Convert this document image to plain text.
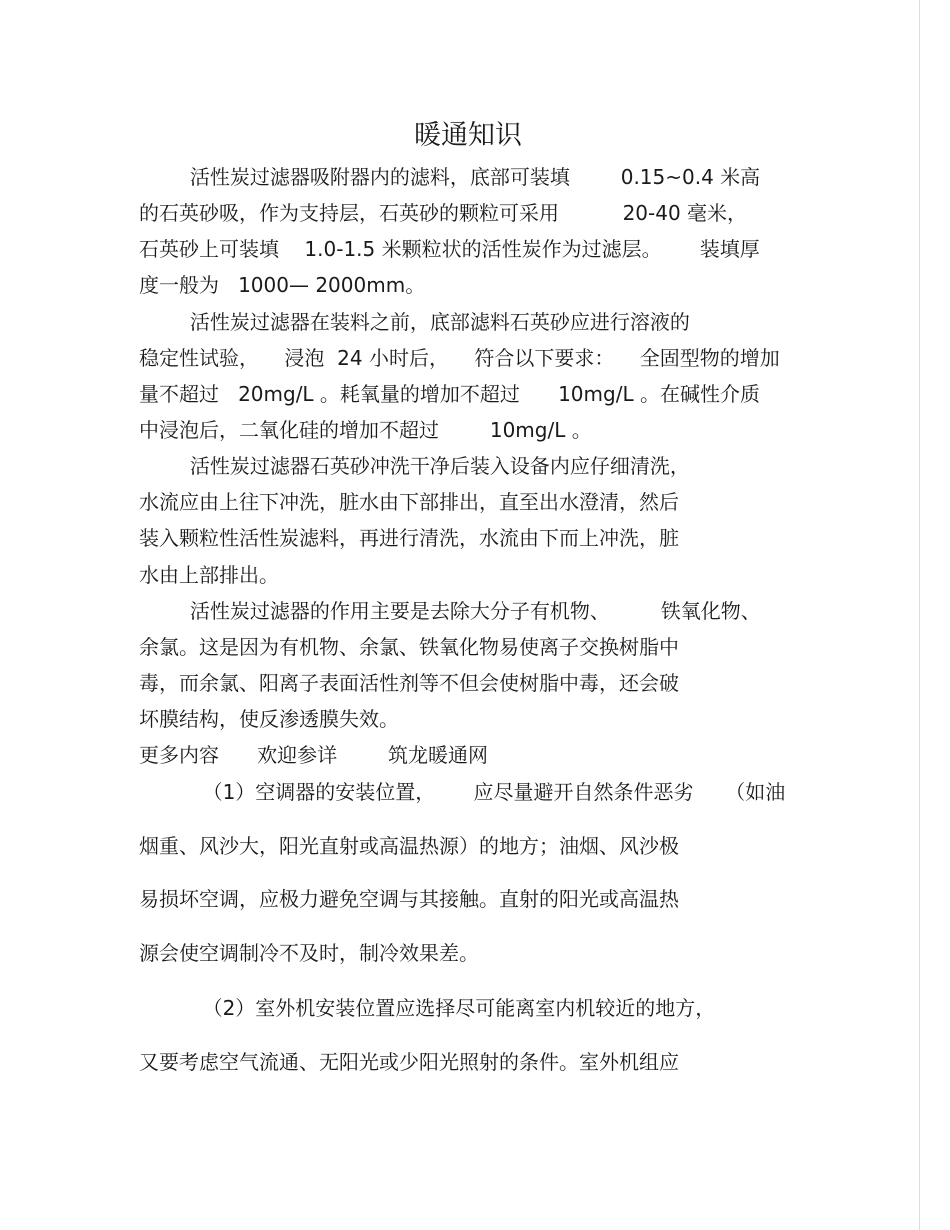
暖通知识
活性炭过滤器吸附器内的滤料，底部可装填        0.15~0.4 米高
的石英砂吸，作为支持层，石英砂的颗粒可采用          20-40 毫米，
石英砂上可装填    1.0-1.5 米颗粒状的活性炭作为过滤层。      装填厚
度一般为   1000— 2000mm。
活性炭过滤器在装料之前，底部滤料石英砂应进行溶液的
稳定性试验，    浸泡  24 小时后，    符合以下要求：    全固型物的增加
量不超过   20mg/L 。耗氧量的增加不超过      10mg/L 。在碱性介质
中浸泡后，二氧化硅的增加不超过        10mg/L 。
活性炭过滤器石英砂冲洗干净后装入设备内应仔细清洗，
水流应由上往下冲洗，脏水由下部排出，直至出水澄清，然后
装入颗粒性活性炭滤料，再进行清洗，水流由下而上冲洗，脏
水由上部排出。
活性炭过滤器的作用主要是去除大分子有机物、        铁氧化物、
余氯。这是因为有机物、余氯、铁氧化物易使离子交换树脂中
毒，而余氯、阳离子表面活性剂等不但会使树脂中毒，还会破
坏膜结构，使反渗透膜失效。
更多内容      欢迎参详        筑龙暖通网
（1）空调器的安装位置，      应尽量避开自然条件恶劣     （如油
烟重、风沙大，阳光直射或高温热源）的地方；油烟、风沙极
易损坏空调，应极力避免空调与其接触。直射的阳光或高温热
源会使空调制冷不及时，制冷效果差。
（2）室外机安装位置应选择尽可能离室内机较近的地方，
又要考虑空气流通、无阳光或少阳光照射的条件。室外机组应
